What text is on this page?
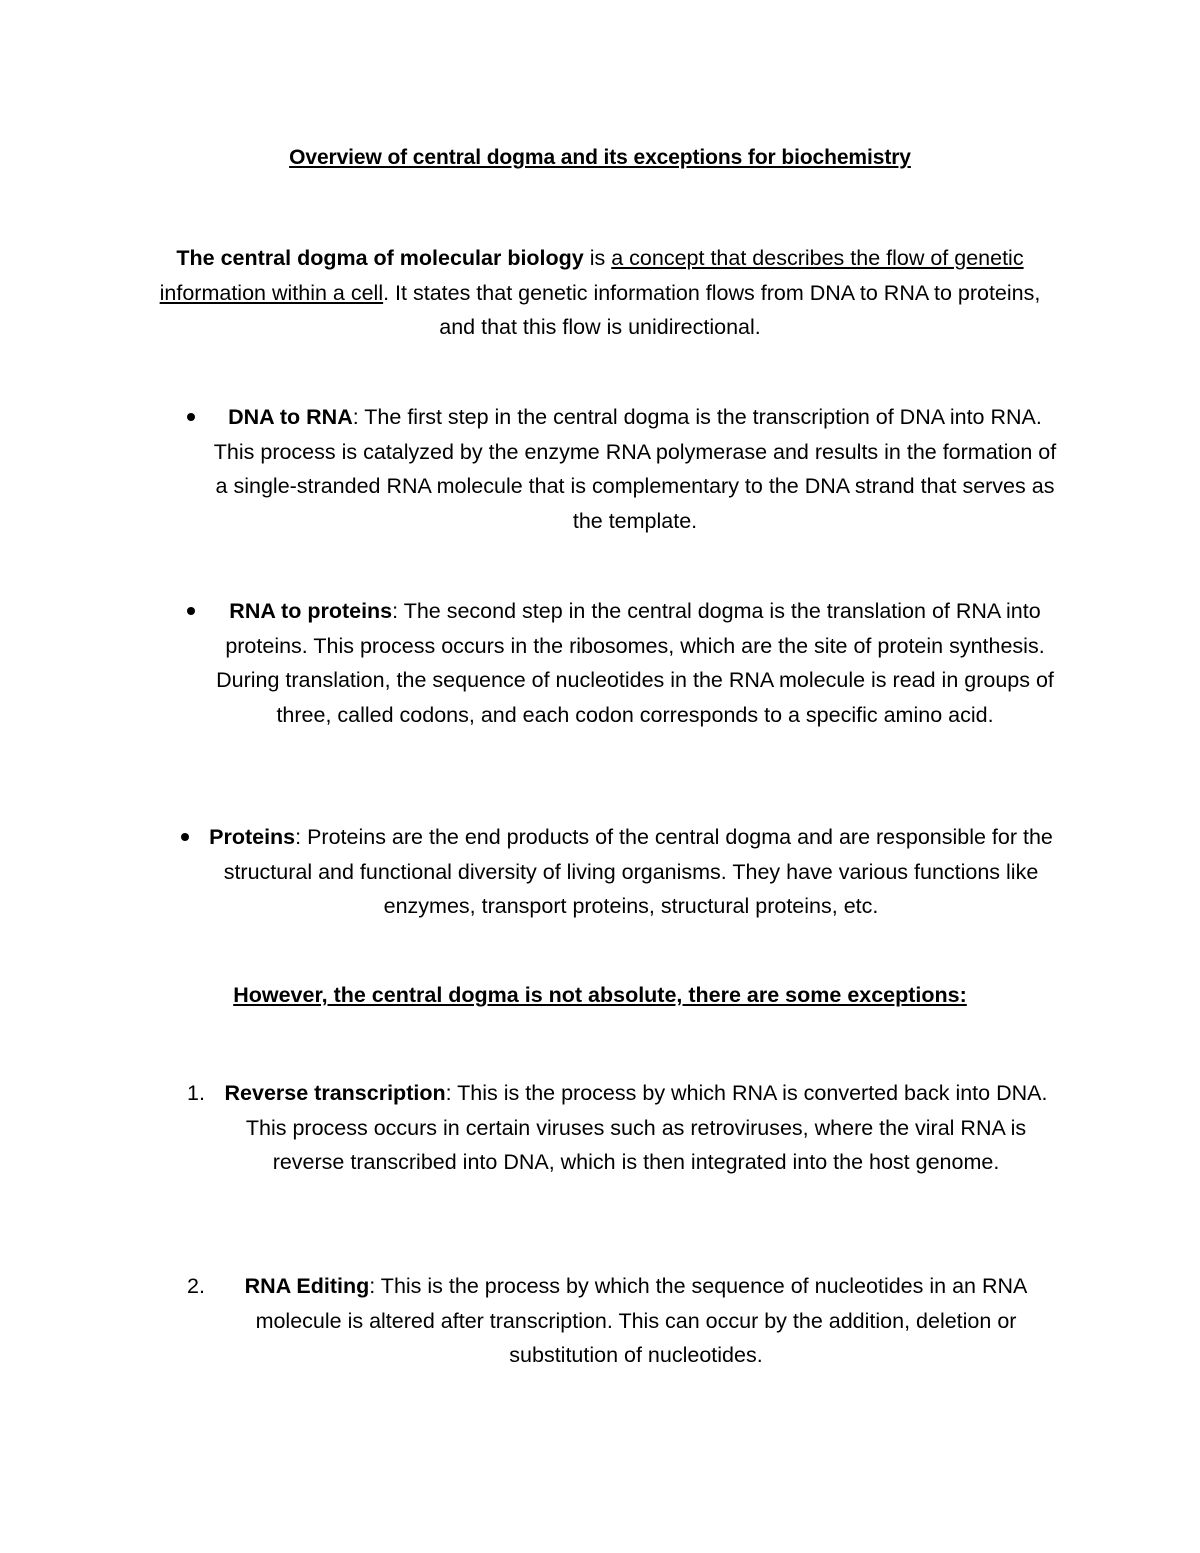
Overview of central dogma and its exceptions for biochemistry

The central dogma of molecular biology is a concept that describes the flow of genetic information within a cell. It states that genetic information flows from DNA to RNA to proteins, and that this flow is unidirectional.

DNA to RNA: The first step in the central dogma is the transcription of DNA into RNA. This process is catalyzed by the enzyme RNA polymerase and results in the formation of a single-stranded RNA molecule that is complementary to the DNA strand that serves as the template.

RNA to proteins: The second step in the central dogma is the translation of RNA into proteins. This process occurs in the ribosomes, which are the site of protein synthesis. During translation, the sequence of nucleotides in the RNA molecule is read in groups of three, called codons, and each codon corresponds to a specific amino acid.

Proteins: Proteins are the end products of the central dogma and are responsible for the structural and functional diversity of living organisms. They have various functions like enzymes, transport proteins, structural proteins, etc.

However, the central dogma is not absolute, there are some exceptions:
1. Reverse transcription: This is the process by which RNA is converted back into DNA. This process occurs in certain viruses such as retroviruses, where the viral RNA is reverse transcribed into DNA, which is then integrated into the host genome.

2.	RNA Editing: This is the process by which the sequence of nucleotides in an RNA molecule is altered after transcription. This can occur by the addition, deletion or substitution of nucleotides.
